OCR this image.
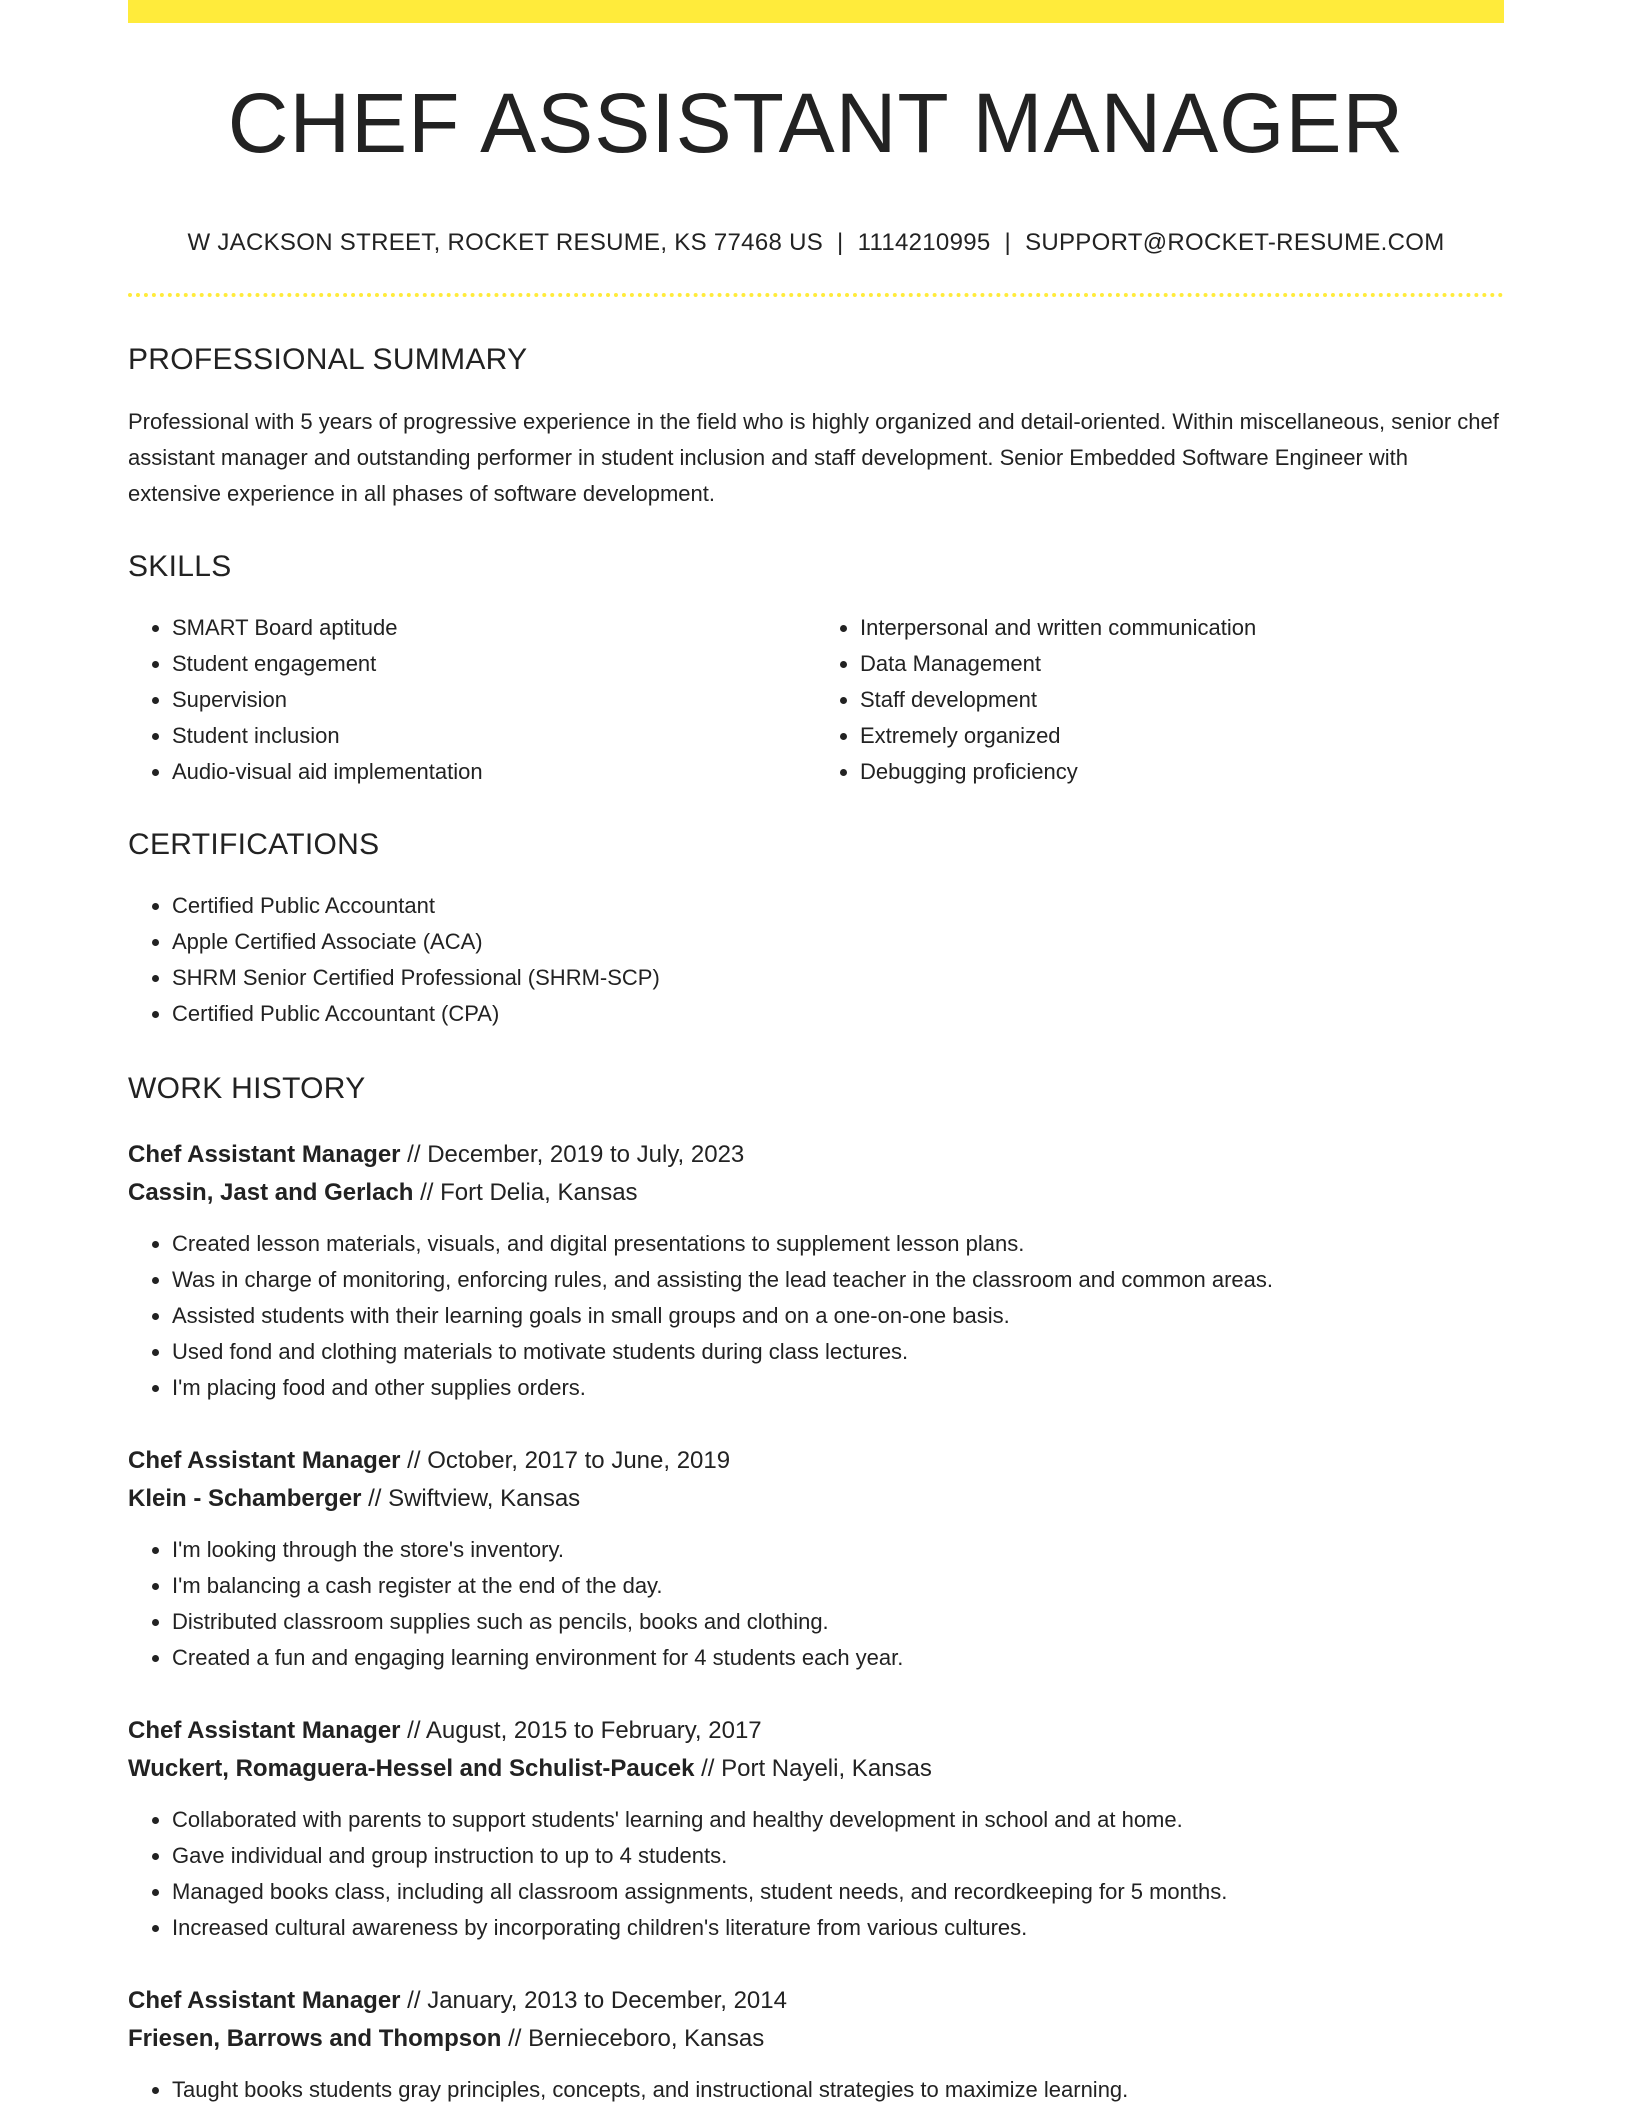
CHEF ASSISTANT MANAGER
W JACKSON STREET, ROCKET RESUME, KS 77468 US | 1114210995 | SUPPORT@ROCKET-RESUME.COM
PROFESSIONAL SUMMARY
Professional with 5 years of progressive experience in the field who is highly organized and detail-oriented. Within miscellaneous, senior chef assistant manager and outstanding performer in student inclusion and staff development. Senior Embedded Software Engineer with extensive experience in all phases of software development.
SKILLS
• SMART Board aptitude
• Student engagement
• Supervision
• Student inclusion
• Audio-visual aid implementation
• Interpersonal and written communication
• Data Management
• Staff development
• Extremely organized
• Debugging proficiency
CERTIFICATIONS
• Certified Public Accountant
• Apple Certified Associate (ACA)
• SHRM Senior Certified Professional (SHRM-SCP)
• Certified Public Accountant (CPA)
WORK HISTORY
Chef Assistant Manager // December, 2019 to July, 2023
Cassin, Jast and Gerlach // Fort Delia, Kansas
• Created lesson materials, visuals, and digital presentations to supplement lesson plans.
• Was in charge of monitoring, enforcing rules, and assisting the lead teacher in the classroom and common areas.
• Assisted students with their learning goals in small groups and on a one-on-one basis.
• Used fond and clothing materials to motivate students during class lectures.
• I'm placing food and other supplies orders.
Chef Assistant Manager // October, 2017 to June, 2019
Klein - Schamberger // Swiftview, Kansas
• I'm looking through the store's inventory.
• I'm balancing a cash register at the end of the day.
• Distributed classroom supplies such as pencils, books and clothing.
• Created a fun and engaging learning environment for 4 students each year.
Chef Assistant Manager // August, 2015 to February, 2017
Wuckert, Romaguera-Hessel and Schulist-Paucek // Port Nayeli, Kansas
• Collaborated with parents to support students' learning and healthy development in school and at home.
• Gave individual and group instruction to up to 4 students.
• Managed books class, including all classroom assignments, student needs, and recordkeeping for 5 months.
• Increased cultural awareness by incorporating children's literature from various cultures.
Chef Assistant Manager // January, 2013 to December, 2014
Friesen, Barrows and Thompson // Bernieceboro, Kansas
• Taught books students gray principles, concepts, and instructional strategies to maximize learning.
